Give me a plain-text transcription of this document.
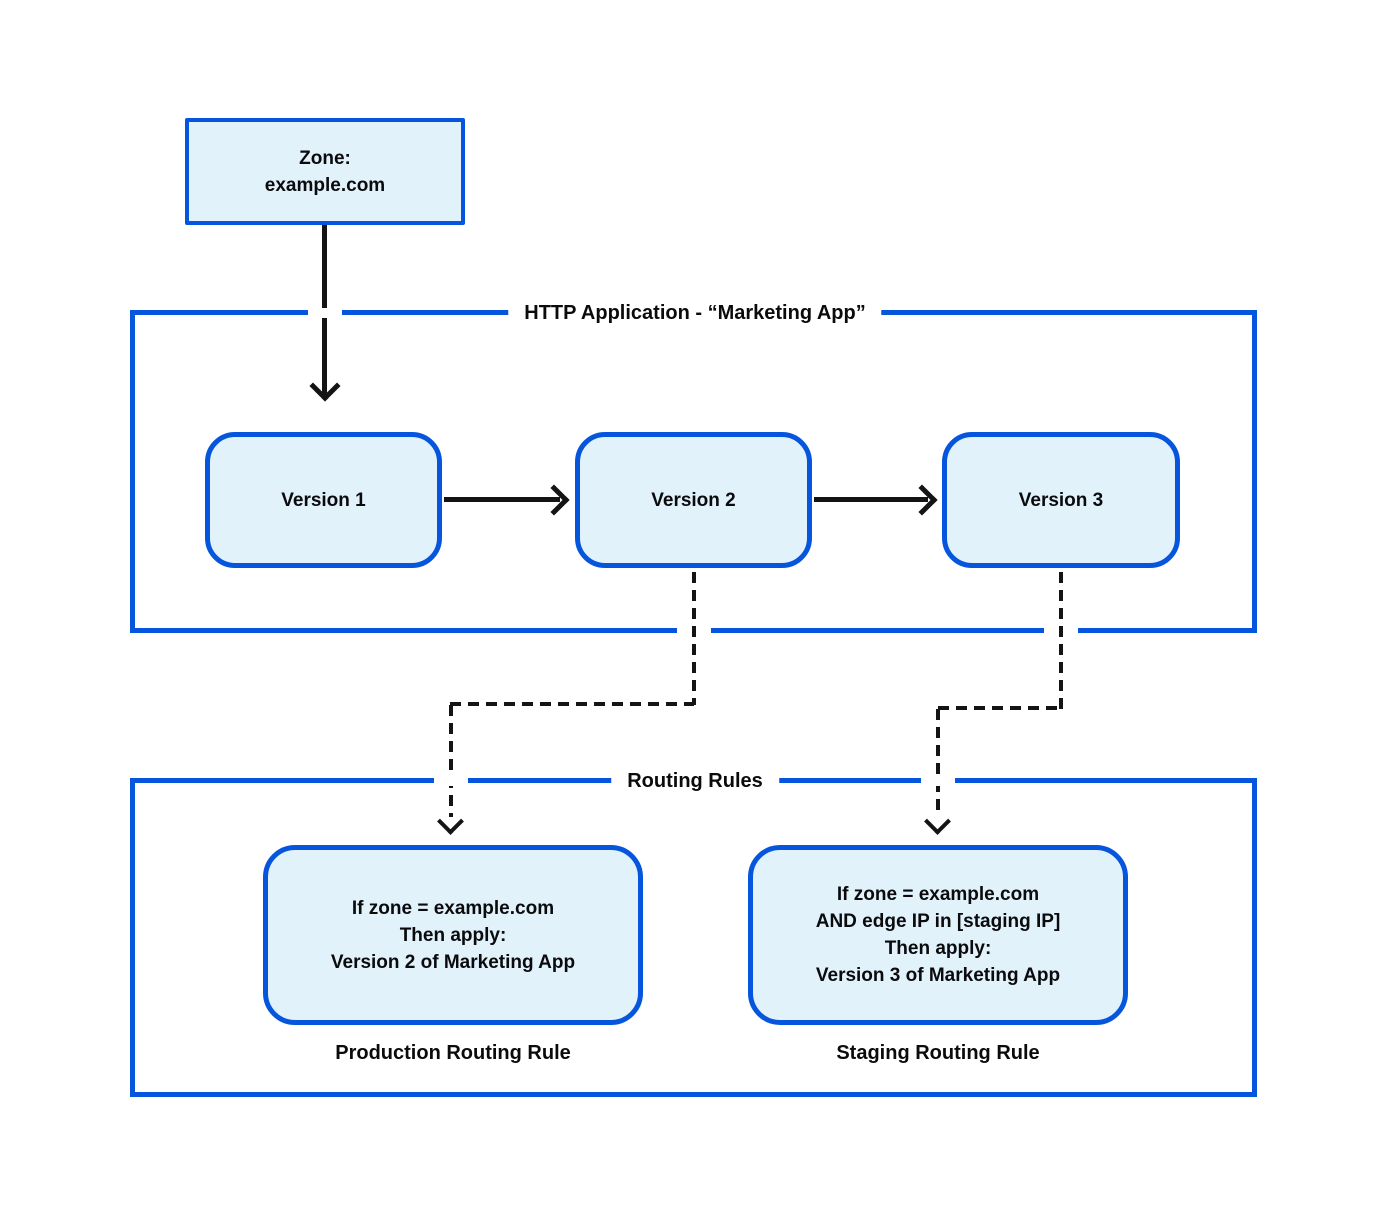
Zone:
example.com
HTTP Application - “Marketing App”
Version 1	Version 2	Version 3
Routing Rules
If zone = example.com
Then apply:
Version 2 of Marketing App
Production Routing Rule
If zone = example.com
AND edge IP in [staging IP]
Then apply:
Version 3 of Marketing App
Staging Routing Rule
